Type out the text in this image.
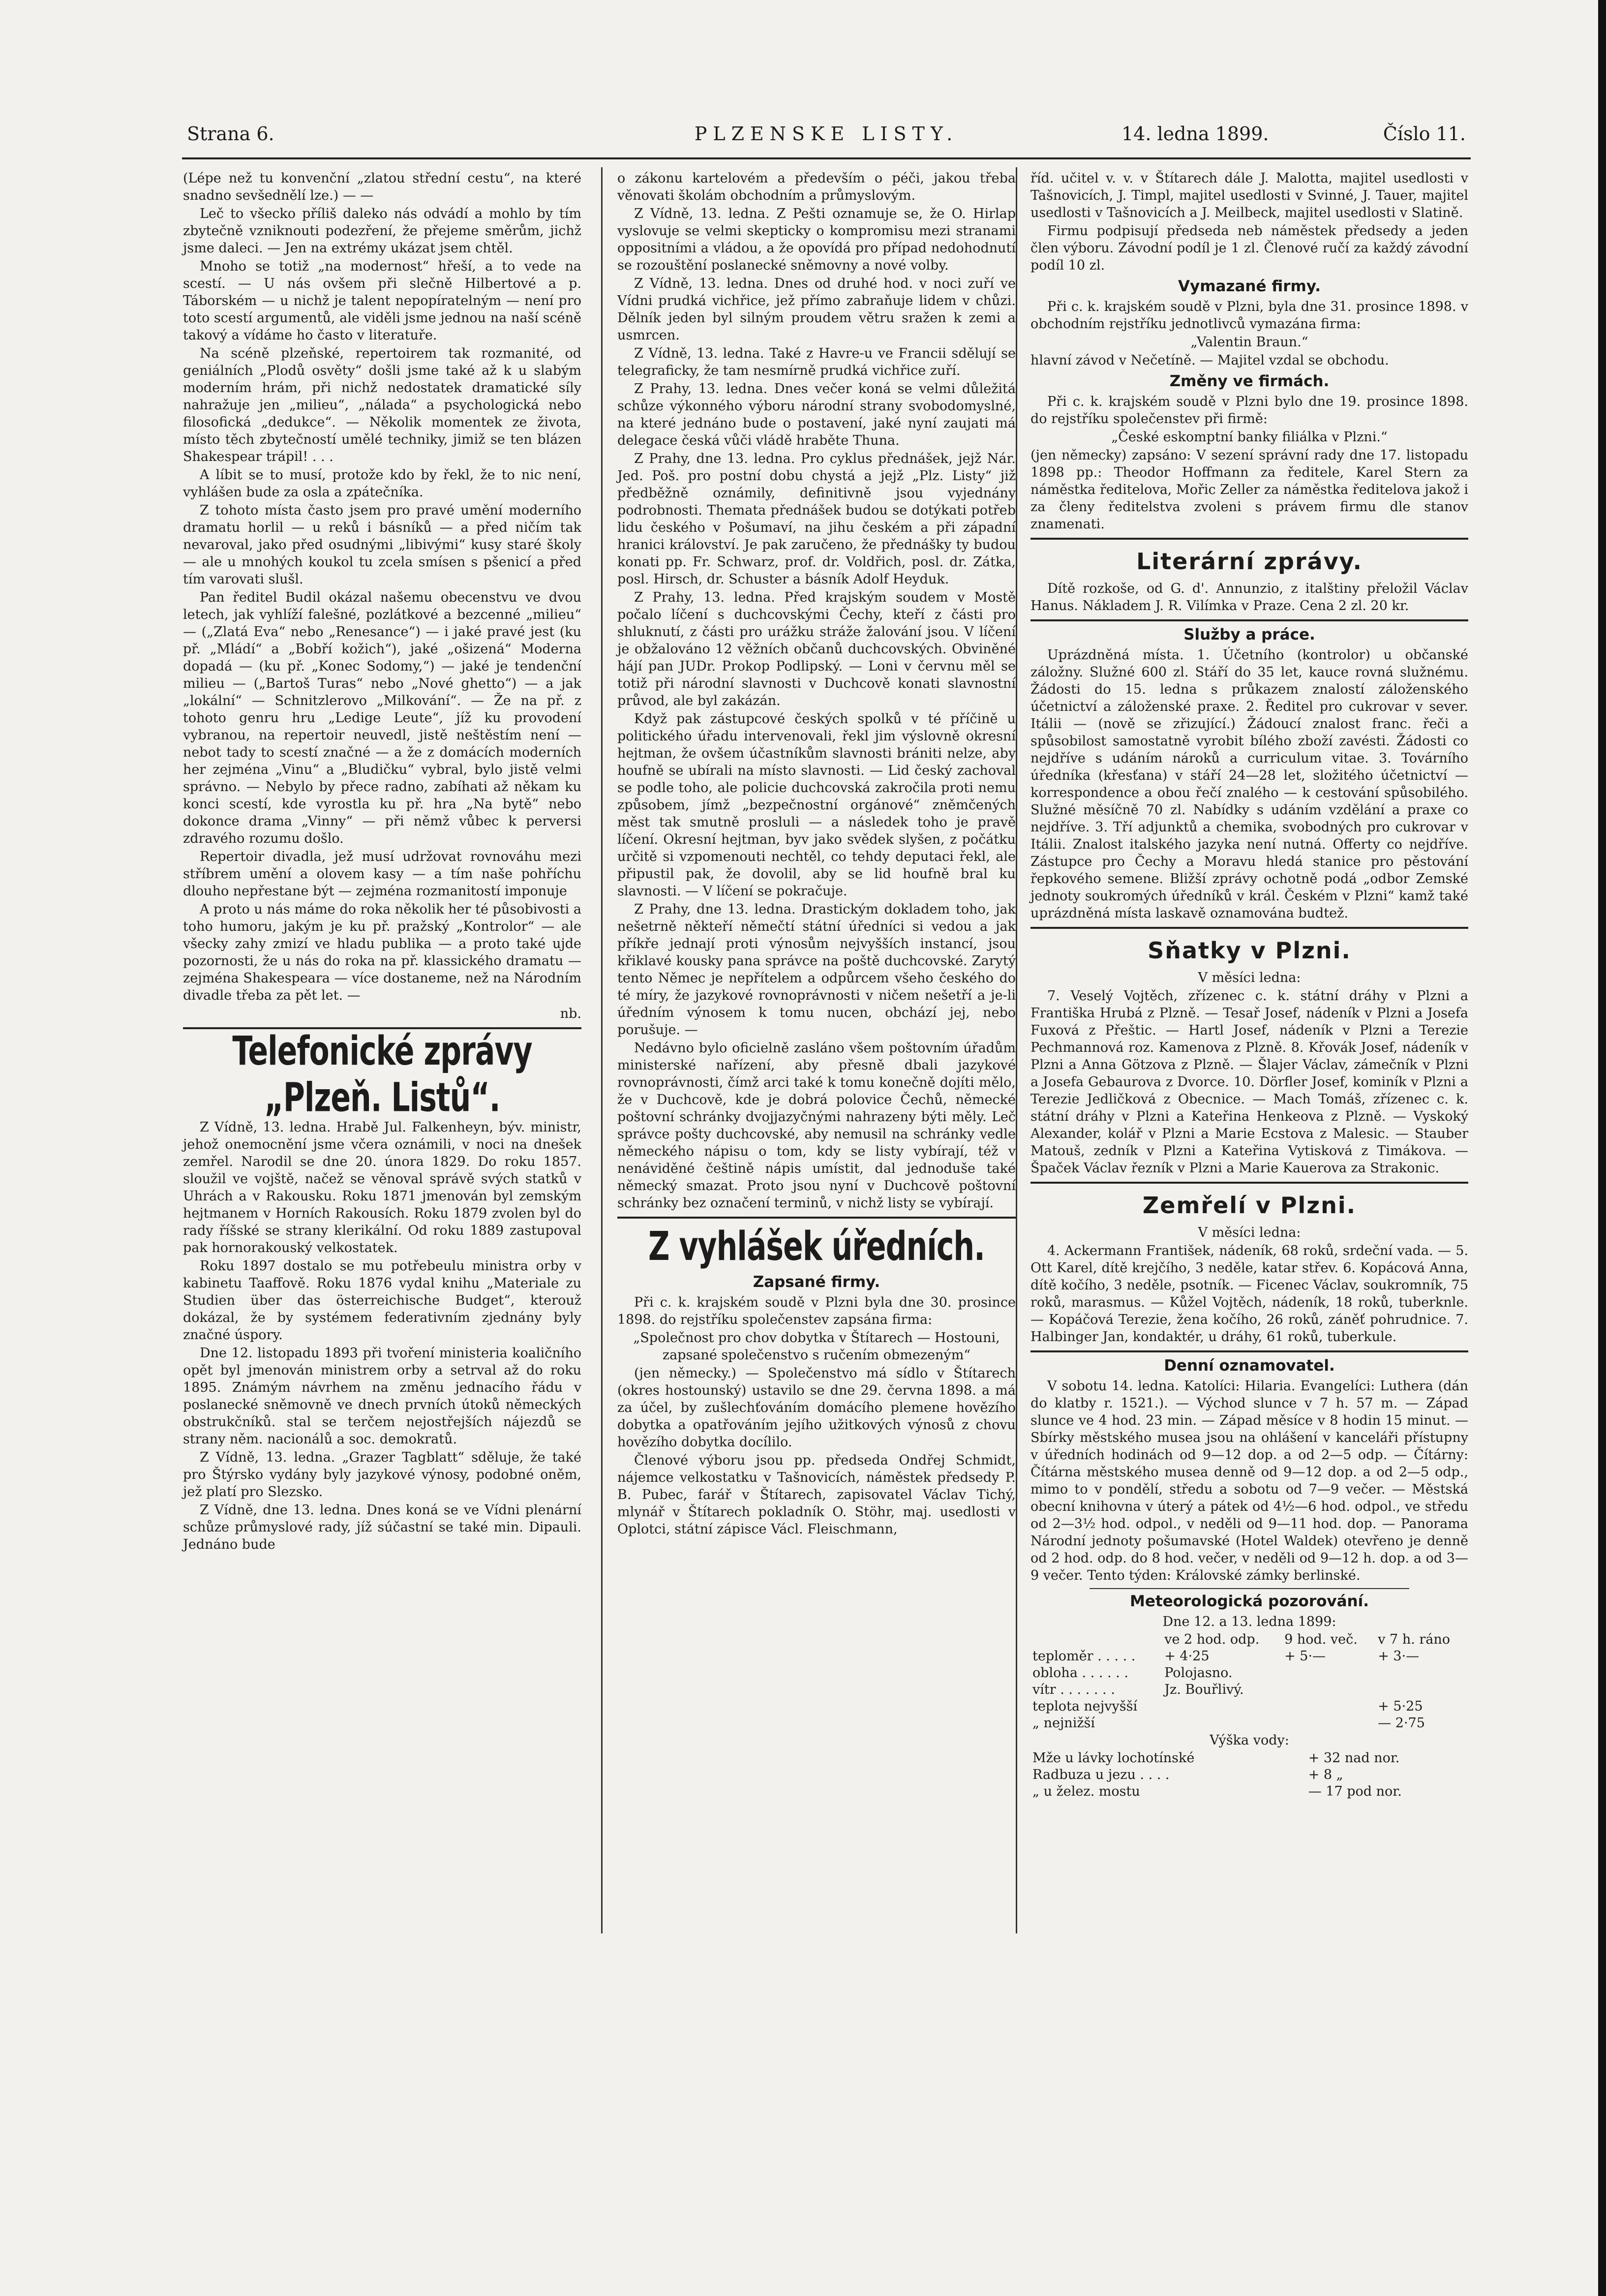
Strana 6.	PLZENSKE LISTY.	14. ledna 1899.	Číslo 11.

(Lépe než tu konvenční „zlatou střední cestu“, na které snadno sevšednělí lze.) — —

Leč to všecko příliš daleko nás odvádí a mohlo by tím zbytečně vzniknouti podezření, že přejeme směrům, jichž jsme daleci. — Jen na extrémy ukázat jsem chtěl.

Mnoho se totiž „na modernost“ hřeší, a to vede na scestí. — U nás ovšem při slečně Hilbertové a p. Táborském — u nichž je talent nepopíratelným — není pro toto scestí argumentů, ale viděli jsme jednou na naší scéně takový a vídáme ho často v literatuře.

Na scéně plzeňské, repertoirem tak rozmanité, od geniálních „Plodů osvěty“ došli jsme také až k u slabým moderním hrám, při nichž nedostatek dramatické síly nahražuje jen „milieu“, „nálada“ a psychologická nebo filosofická „dedukce“. — Několik momentek ze života, místo těch zbytečností umělé techniky, jimiž se ten blázen Shakespear trápil! . . .

A líbit se to musí, protože kdo by řekl, že to nic není, vyhlášen bude za osla a zpátečníka.

Z tohoto místa často jsem pro pravé umění moderního dramatu horlil — u reků i básníků — a před ničím tak nevaroval, jako před osudnými „libivými“ kusy staré školy — ale u mnohých koukol tu zcela smísen s pšenicí a před tím varovati slušl.

Pan ředitel Budil okázal našemu obecenstvu ve dvou letech, jak vyhlíží falešné, pozlátkové a bezcenné „milieu“ — („Zlatá Eva“ nebo „Renesance“) — i jaké pravé jest (ku př. „Mládí“ a „Bobří kožich“), jaké „ošizená“ Moderna dopadá — (ku př. „Konec Sodomy,“) — jaké je tendenční milieu — („Bartoš Turas“ nebo „Nové ghetto“) — a jak „lokální“ — Schnitzlerovo „Milkování“. — Že na př. z tohoto genru hru „Ledige Leute“, jíž ku provodení vybranou, na repertoir neuvedl, jistě neštěstím není — nebot tady to scestí značné — a že z domácích moderních her zejména „Vinu“ a „Bludičku“ vybral, bylo jistě velmi správno. — Nebylo by přece radno, zabíhati až někam ku konci scestí, kde vyrostla ku př. hra „Na bytě“ nebo dokonce drama „Vinny“ — při němž vůbec k perversi zdravého rozumu došlo.

Repertoir divadla, jež musí udržovat rovnováhu mezi stříbrem umění a olovem kasy — a tím naše pohříchu dlouho nepřestane být — zejména rozmanitostí imponuje

A proto u nás máme do roka několik her té působivosti a toho humoru, jakým je ku př. pražský „Kontrolor“ — ale všecky zahy zmizí ve hladu publika — a proto také ujde pozornosti, že u nás do roka na př. klassického dramatu — zejména Shakespeara — více dostaneme, než na Národním divadle třeba za pět let. —

nb.
Telefonické zprávy „Plzeň. Listů“.

Z Vídně, 13. ledna. Hrabě Jul. Falkenheyn, býv. ministr, jehož onemocnění jsme včera oznámili, v noci na dnešek zemřel. Narodil se dne 20. února 1829. Do roku 1857. sloužil ve vojště, načež se věnoval správě svých statků v Uhrách a v Rakousku. Roku 1871 jmenován byl zemským hejtmanem v Horních Rakousích. Roku 1879 zvolen byl do rady říšské se strany klerikální. Od roku 1889 zastupoval pak hornorakouský velkostatek.

Roku 1897 dostalo se mu potřebeulu ministra orby v kabinetu Taaffově. Roku 1876 vydal knihu „Materiale zu Studien über das österreichische Budget“, kterouž dokázal, že by systémem federativním zjednány byly značné úspory.

Dne 12. listopadu 1893 při tvoření ministeria koaličního opět byl jmenován ministrem orby a setrval až do roku 1895. Známým návrhem na změnu jednacího řádu v poslanecké sněmovně ve dnech prvních útoků německých obstrukčníků. stal se terčem nejostřejších nájezdů se strany něm. nacionálů a soc. demokratů.

Z Vídně, 13. ledna. „Grazer Tagblatt“ sděluje, že také pro Štýrsko vydány byly jazykové výnosy, podobné oněm, jež platí pro Slezsko.

Z Vídně, dne 13. ledna. Dnes koná se ve Vídni plenární schůze průmyslové rady, jíž súčastní se také min. Dipauli. Jednáno bude

o zákonu kartelovém a především o péči, jakou třeba věnovati školám obchodním a průmyslovým.

Z Vídně, 13. ledna. Z Pešti oznamuje se, že O. Hirlap vyslovuje se velmi skepticky o kompromisu mezi stranami oppositními a vládou, a že opovídá pro případ nedohodnutí se rozouštění poslanecké sněmovny a nové volby.

Z Vídně, 13. ledna. Dnes od druhé hod. v noci zuří ve Vídni prudká vichřice, jež přímo zabraňuje lidem v chůzi. Dělník jeden byl silným proudem větru sražen k zemi a usmrcen.

Z Vídně, 13. ledna. Také z Havre-u ve Francii sdělují se telegraficky, že tam nesmírně prudká vichřice zuří.

Z Prahy, 13. ledna. Dnes večer koná se velmi důležitá schůze výkonného výboru národní strany svobodomyslné, na které jednáno bude o postavení, jaké nyní zaujati má delegace česká vůči vládě hraběte Thuna.

Z Prahy, dne 13. ledna. Pro cyklus přednášek, jejž Nár. Jed. Poš. pro postní dobu chystá a jejž „Plz. Listy“ již předběžně oznámily, definitivně jsou vyjednány podrobnosti. Themata přednášek budou se dotýkati potřeb lidu českého v Pošumaví, na jihu českém a při západní hranici království. Je pak zaručeno, že přednášky ty budou konati pp. Fr. Schwarz, prof. dr. Voldřich, posl. dr. Zátka, posl. Hirsch, dr. Schuster a básník Adolf Heyduk.

Z Prahy, 13. ledna. Před krajským soudem v Mostě počalo líčení s duchcovskými Čechy, kteří z části pro shluknutí, z části pro urážku stráže žalování jsou. V líčení je obžalováno 12 věžních občanů duchcovských. Obviněné hájí pan JUDr. Prokop Podlipský. — Loni v červnu měl se totiž při národní slavnosti v Duchcově konati slavnostní průvod, ale byl zakázán.

Když pak zástupcové českých spolků v té příčině u politického úřadu intervenovali, řekl jim výslovně okresní hejtman, že ovšem účastníkům slavnosti brániti nelze, aby houfně se ubírali na místo slavnosti. — Lid český zachoval se podle toho, ale policie duchcovská zakročila proti nemu způsobem, jímž „bezpečnostní orgánové“ zněmčených měst tak smutně prosluli — a následek toho je pravě líčení. Okresní hejtman, byv jako svědek slyšen, z počátku určitě si vzpomenouti nechtěl, co tehdy deputaci řekl, ale připustil pak, že dovolil, aby se lid houfně bral ku slavnosti. — V líčení se pokračuje.

Z Prahy, dne 13. ledna. Drastickým dokladem toho, jak nešetrně někteří němečtí státní úředníci si vedou a jak příkře jednají proti výnosům nejvyšších instancí, jsou křiklavé kousky pana správce na poště duchcovské. Zarytý tento Němec je nepřítelem a odpůrcem všeho českého do té míry, že jazykové rovnoprávnosti v ničem nešetří a je-li úředním výnosem k tomu nucen, obchází jej, nebo porušuje. —

Nedávno bylo oficielně zasláno všem poštovním úřadům ministerské nařízení, aby přesně dbali jazykové rovnoprávnosti, čímž arci také k tomu konečně dojíti mělo, že v Duchcově, kde je dobrá polovice Čechů, německé poštovní schránky dvojjazyčnými nahrazeny býti měly. Leč správce pošty duchcovské, aby nemusil na schránky vedle německého nápisu o tom, kdy se listy vybírají, též v nenáviděné češtině nápis umístit, dal jednoduše také německý smazat. Proto jsou nyní v Duchcově poštovní schránky bez označení terminů, v nichž listy se vybírají.

Z vyhlášek úředních.
Zapsané firmy.

Při c. k. krajském soudě v Plzni byla dne 30. prosince 1898. do rejstříku společenstev zapsána firma:

„Společnost pro chov dobytka v Štítarech — Hostouni, zapsané společenstvo s ručením obmezeným“

(jen německy.) — Společenstvo má sídlo v Štítarech (okres hostounský) ustavilo se dne 29. června 1898. a má za účel, by zušlechťováním domácího plemene hovězího dobytka a opatřováním jejího užitkových výnosů z chovu hovězího dobytka docílilo.

Členové výboru jsou pp. předseda Ondřej Schmidt, nájemce velkostatku v Tašnovicích, náměstek předsedy P. B. Pubec, farář v Štítarech, zapisovatel Václav Tichý, mlynář v Štítarech pokladník O. Stöhr, maj. usedlosti v Oplotci, státní zápisce Václ. Fleischmann,

říd. učitel v. v. v Štítarech dále J. Malotta, majitel usedlosti v Tašnovicích, J. Timpl, majitel usedlosti v Svinné, J. Tauer, majitel usedlosti v Tašnovicích a J. Meilbeck, majitel usedlosti v Slatině.

Firmu podpisují předseda neb náměstek předsedy a jeden člen výboru. Závodní podíl je 1 zl. Členové ručí za každý závodní podíl 10 zl.

Vymazané firmy.

Při c. k. krajském soudě v Plzni, byla dne 31. prosince 1898. v obchodním rejstříku jednotlivců vymazána firma:

„Valentin Braun.“

hlavní závod v Nečetíně. — Majitel vzdal se obchodu.

Změny ve firmách.

Při c. k. krajském soudě v Plzni bylo dne 19. prosince 1898. do rejstříku společenstev při firmě:

„České eskomptní banky filiálka v Plzni.“

(jen německy) zapsáno: V sezení správní rady dne 17. listopadu 1898 pp.: Theodor Hoffmann za ředitele, Karel Stern za náměstka ředitelova, Mořic Zeller za náměstka ředitelova jakož i za členy ředitelstva zvoleni s právem firmu dle stanov znamenati.

Literární zprávy.

Dítě rozkoše, od G. d'. Annunzio, z italštiny přeložil Václav Hanus. Nákladem J. R. Vilímka v Praze. Cena 2 zl. 20 kr.

Služby a práce.

Uprázdněná místa. 1. Účetního (kontrolor) u občanské záložny. Služné 600 zl. Stáří do 35 let, kauce rovná služnému. Žádosti do 15. ledna s průkazem znalostí záloženského účetnictví a záloženské praxe. 2. Ředitel pro cukrovar v sever. Itálii — (nově se zřizující.) Žádoucí znalost franc. řeči a spůsobilost samostatně vyrobit bílého zboží zavésti. Žádosti co nejdříve s udáním nároků a curriculum vitae. 3. Továrního úředníka (křesťana) v stáří 24—28 let, složitého účetnictví — korrespondence a obou řečí znalého — k cestování spůsobilého. Služné měsíčně 70 zl. Nabídky s udáním vzdělání a praxe co nejdříve. 3. Tří adjunktů a chemika, svobodných pro cukrovar v Itálii. Znalost italského jazyka není nutná. Offerty co nejdříve. Zástupce pro Čechy a Moravu hledá stanice pro pěstování řepkového semene. Bližší zprávy ochotně podá „odbor Zemské jednoty soukromých úředníků v král. Českém v Plzni“ kamž také uprázdněná místa laskavě oznamována budtež.

Sňatky v Plzni.

V měsíci ledna:

7. Veselý Vojtěch, zřízenec c. k. státní dráhy v Plzni a Františka Hrubá z Plzně. — Tesař Josef, nádeník v Plzni a Josefa Fuxová z Přeštic. — Hartl Josef, nádeník v Plzni a Terezie Pechmannová roz. Kamenova z Plzně. 8. Křovák Josef, nádeník v Plzni a Anna Götzova z Plzně. — Šlajer Václav, zámečník v Plzni a Josefa Gebaurova z Dvorce. 10. Dörfler Josef, kominík v Plzni a Terezie Jedličková z Obecnice. — Mach Tomáš, zřízenec c. k. státní dráhy v Plzni a Kateřina Henkeova z Plzně. — Vyskoký Alexander, kolář v Plzni a Marie Ecstova z Malesic. — Stauber Matouš, zedník v Plzni a Kateřina Vytisková z Timákova. — Špaček Václav řezník v Plzni a Marie Kauerova za Strakonic.

Zemřelí v Plzni.

V měsíci ledna:

4. Ackermann František, nádeník, 68 roků, srdeční vada. — 5. Ott Karel, dítě krejčího, 3 neděle, katar střev. 6. Kopácová Anna, dítě kočího, 3 neděle, psotník. — Ficenec Václav, soukromník, 75 roků, marasmus. — Kůžel Vojtěch, nádeník, 18 roků, tuberknle. — Kopáčová Terezie, žena kočího, 26 roků, záněť pohrudnice. 7. Halbinger Jan, kondaktér, u dráhy, 61 roků, tuberkule.

Denní oznamovatel.

V sobotu 14. ledna. Katolíci: Hilaria. Evangelíci: Luthera (dán do klatby r. 1521.). — Východ slunce v 7 h. 57 m. — Západ slunce ve 4 hod. 23 min. — Západ měsíce v 8 hodin 15 minut. — Sbírky městského musea jsou na ohlášení v kanceláři přístupny v úředních hodinách od 9—12 dop. a od 2—5 odp. — Čítárny: Čítárna městského musea denně od 9—12 dop. a od 2—5 odp., mimo to v pondělí, středu a sobotu od 7—9 večer. — Městská obecní knihovna v úterý a pátek od 4½—6 hod. odpol., ve středu od 2—3½ hod. odpol., v neděli od 9—11 hod. dop. — Panorama Národní jednoty pošumavské (Hotel Waldek) otevřeno je denně od 2 hod. odp. do 8 hod. večer, v neděli od 9—12 h. dop. a od 3—9 večer. Tento týden: Královské zámky berlinské.

Meteorologická pozorování.

Dne 12. a 13. ledna 1899:

	ve 2 hod. odp.	9 hod. več.	v 7 h. ráno
teploměr . . . . .	+ 4·25	+ 5·—	+ 3·—
obloha . . . . . .	Polojasno.		
vítr . . . . . . .	Jz. Bouřlivý.		
teplota nejvyšší			+ 5·25
„ nejnižší			— 2·75

Výška vody:

Mže u lávky lochotínské	+ 32 nad nor.
Radbuza u jezu . . . .	+ 8 „
„ u želez. mostu	— 17 pod nor.
